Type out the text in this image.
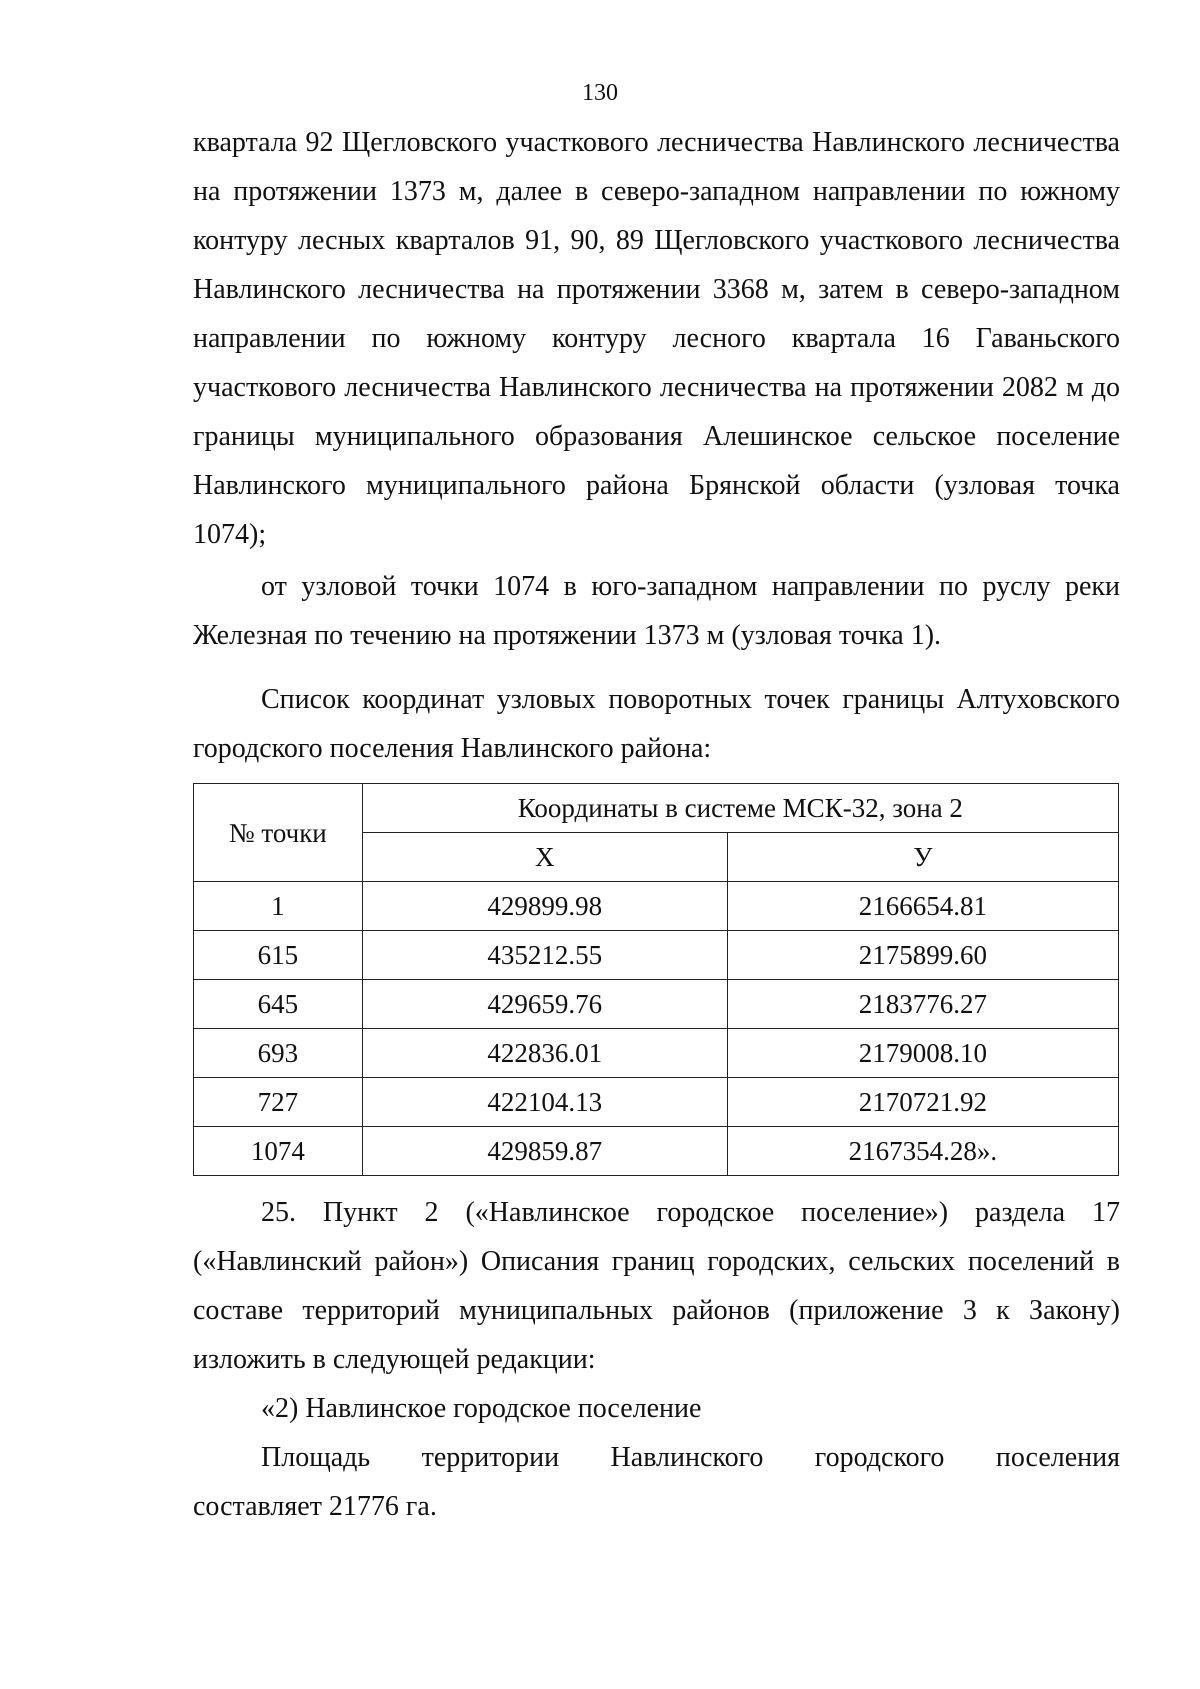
130

квартала 92 Щегловского участкового лесничества Навлинского лесничества на протяжении 1373 м, далее в северо-западном направлении по южному контуру лесных кварталов 91, 90, 89 Щегловского участкового лесничества Навлинского лесничества на протяжении 3368 м, затем в северо-западном направлении по южному контуру лесного квартала 16 Гаваньского участкового лесничества Навлинского лесничества на протяжении 2082 м до границы муниципального образования Алешинское сельское поселение Навлинского муниципального района Брянской области (узловая точка 1074);

от узловой точки 1074 в юго-западном направлении по руслу реки Железная по течению на протяжении 1373 м (узловая точка 1).

Список координат узловых поворотных точек границы Алтуховского городского поселения Навлинского района:

№ точки	Координаты в системе МСК-32, зона 2	
	X	У
1	429899.98	2166654.81
615	435212.55	2175899.60
645	429659.76	2183776.27
693	422836.01	2179008.10
727	422104.13	2170721.92
1074	429859.87	2167354.28».

25. Пункт 2 («Навлинское городское поселение») раздела 17 («Навлинский район») Описания границ городских, сельских поселений в составе территорий муниципальных районов (приложение 3 к Закону) изложить в следующей редакции:

«2) Навлинское городское поселение

Площадь территории Навлинского городского поселения

составляет 21776 га.
